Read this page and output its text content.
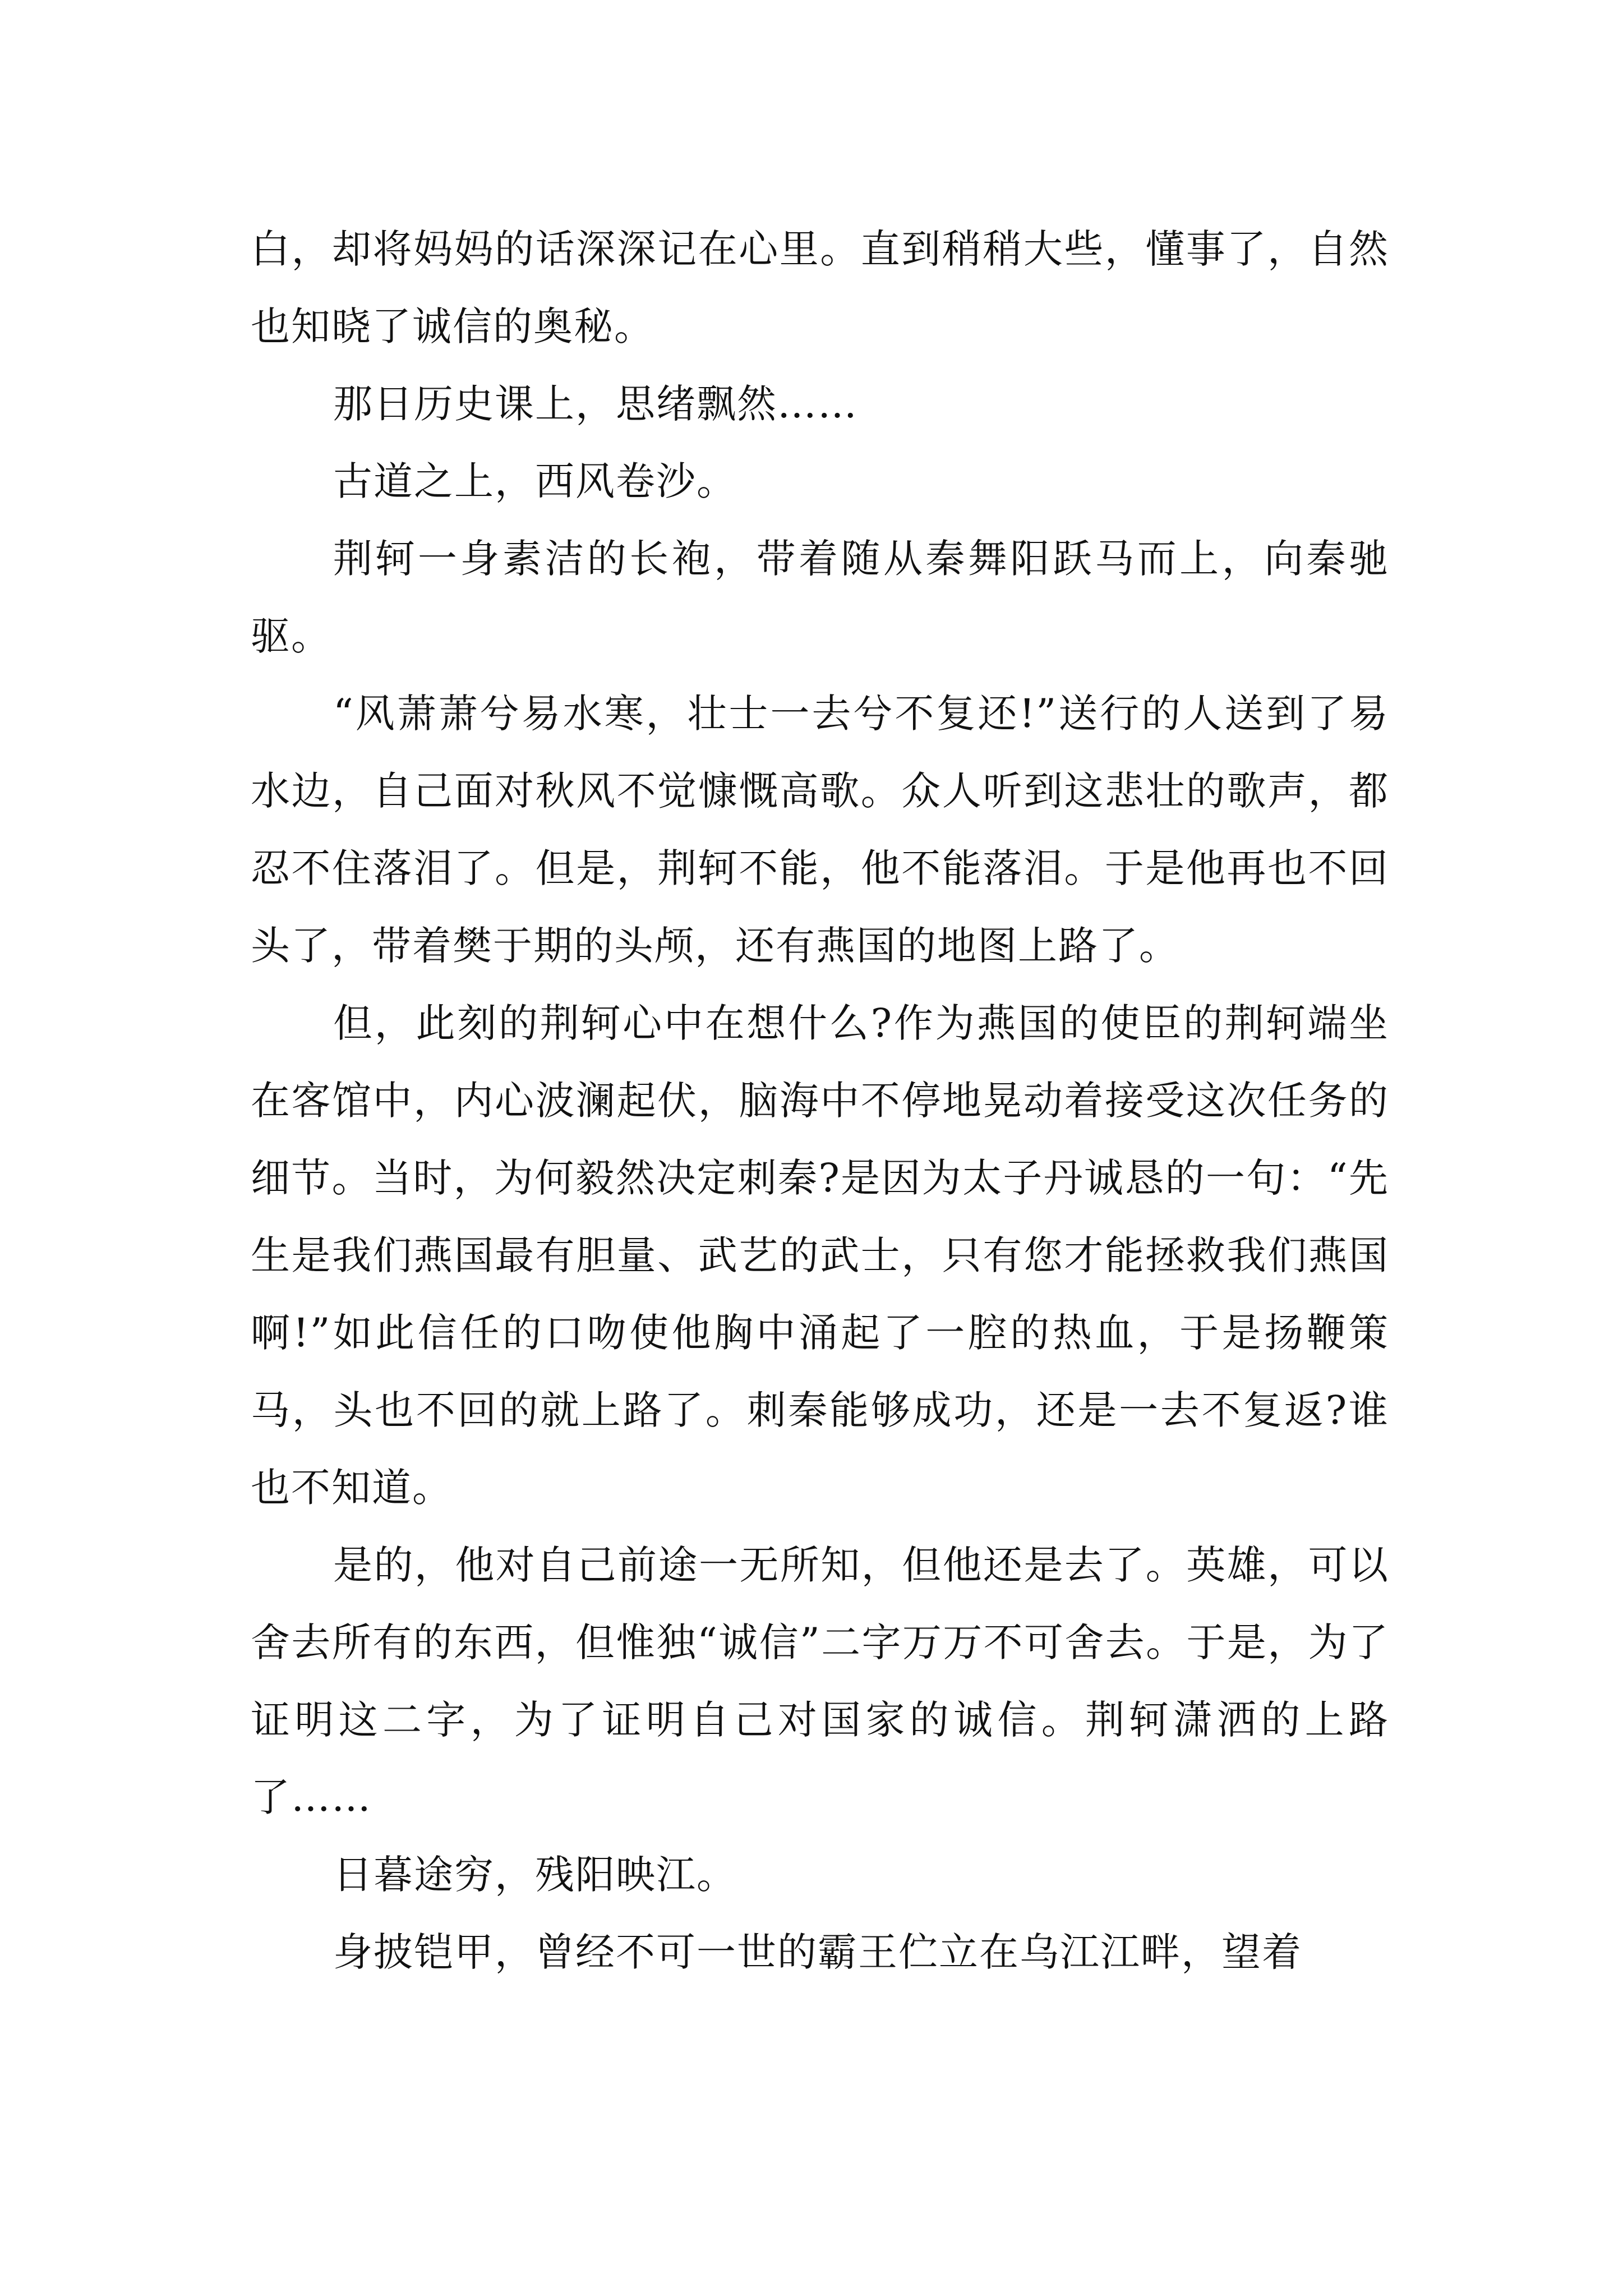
白，却将妈妈的话深深记在心里。直到稍稍大些，懂事了，自然也知晓了诚信的奥秘。

那日历史课上，思绪飘然……

古道之上，西风卷沙。

荆轲一身素洁的长袍，带着随从秦舞阳跃马而上，向秦驰驱。

“风萧萧兮易水寒，壮士一去兮不复还!”送行的人送到了易水边，自己面对秋风不觉慷慨高歌。众人听到这悲壮的歌声，都忍不住落泪了。但是，荆轲不能，他不能落泪。于是他再也不回头了，带着樊于期的头颅，还有燕国的地图上路了。

但，此刻的荆轲心中在想什么?作为燕国的使臣的荆轲端坐在客馆中，内心波澜起伏，脑海中不停地晃动着接受这次任务的细节。当时，为何毅然决定刺秦?是因为太子丹诚恳的一句：“先生是我们燕国最有胆量、武艺的武士，只有您才能拯救我们燕国啊!”如此信任的口吻使他胸中涌起了一腔的热血，于是扬鞭策马，头也不回的就上路了。刺秦能够成功，还是一去不复返?谁也不知道。

是的，他对自己前途一无所知，但他还是去了。英雄，可以舍去所有的东西，但惟独“诚信”二字万万不可舍去。于是，为了证明这二字，为了证明自己对国家的诚信。荆轲潇洒的上路了……

日暮途穷，残阳映江。

身披铠甲，曾经不可一世的霸王伫立在乌江江畔，望着
